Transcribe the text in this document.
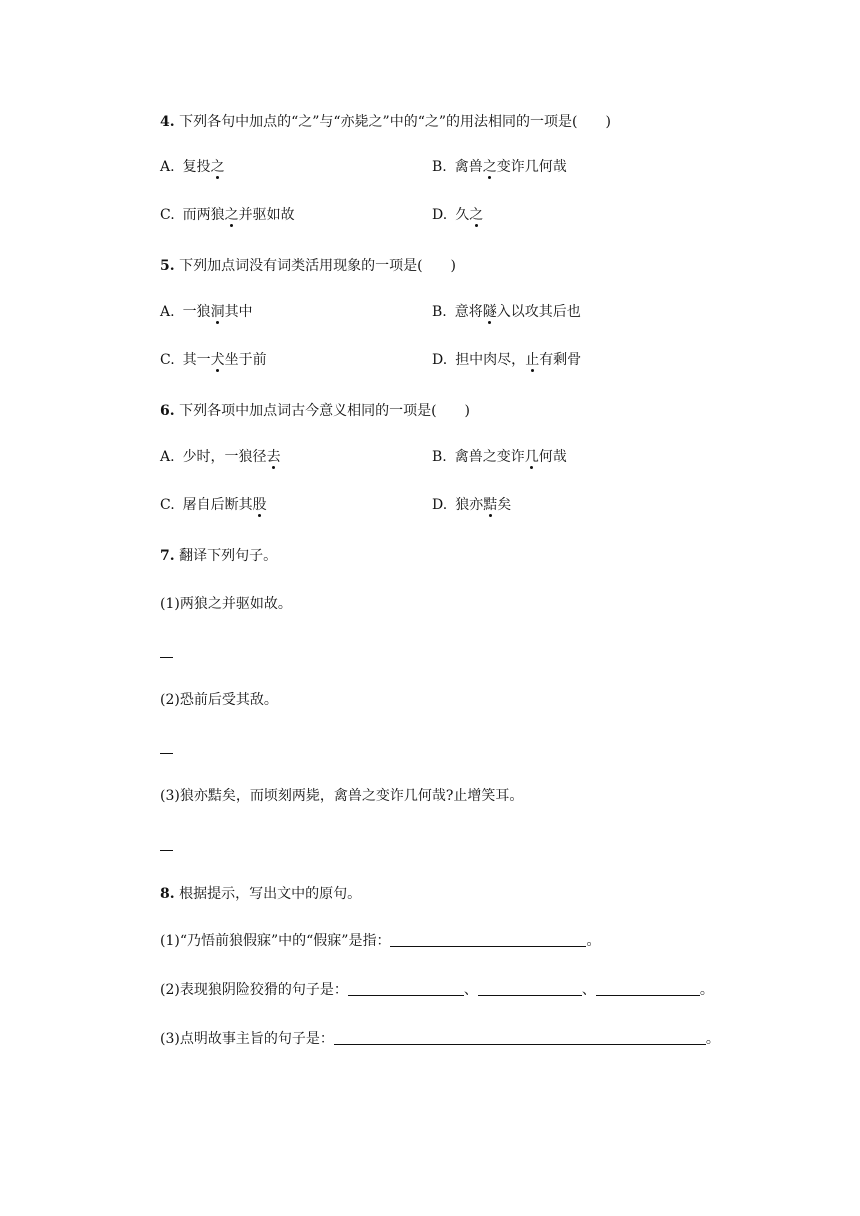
4. 下列各句中加点的“之”与“亦毙之”中的“之”的用法相同的一项是(　　)
A. 复投之	B. 禽兽之变诈几何哉
C. 而两狼之并驱如故	D. 久之
5. 下列加点词没有词类活用现象的一项是(　　)
A. 一狼洞其中	B. 意将隧入以攻其后也
C. 其一犬坐于前	D. 担中肉尽，止有剩骨
6. 下列各项中加点词古今意义相同的一项是(　　)
A. 少时，一狼径去	B. 禽兽之变诈几何哉
C. 屠自后断其股	D. 狼亦黠矣
7. 翻译下列句子。
(1)两狼之并驱如故。
(2)恐前后受其敌。
(3)狼亦黠矣，而顷刻两毙，禽兽之变诈几何哉?止增笑耳。
8. 根据提示，写出文中的原句。
(1)“乃悟前狼假寐”中的“假寐”是指：	。
(2)表现狼阴险狡猾的句子是：	、	、	。
(3)点明故事主旨的句子是：	。
